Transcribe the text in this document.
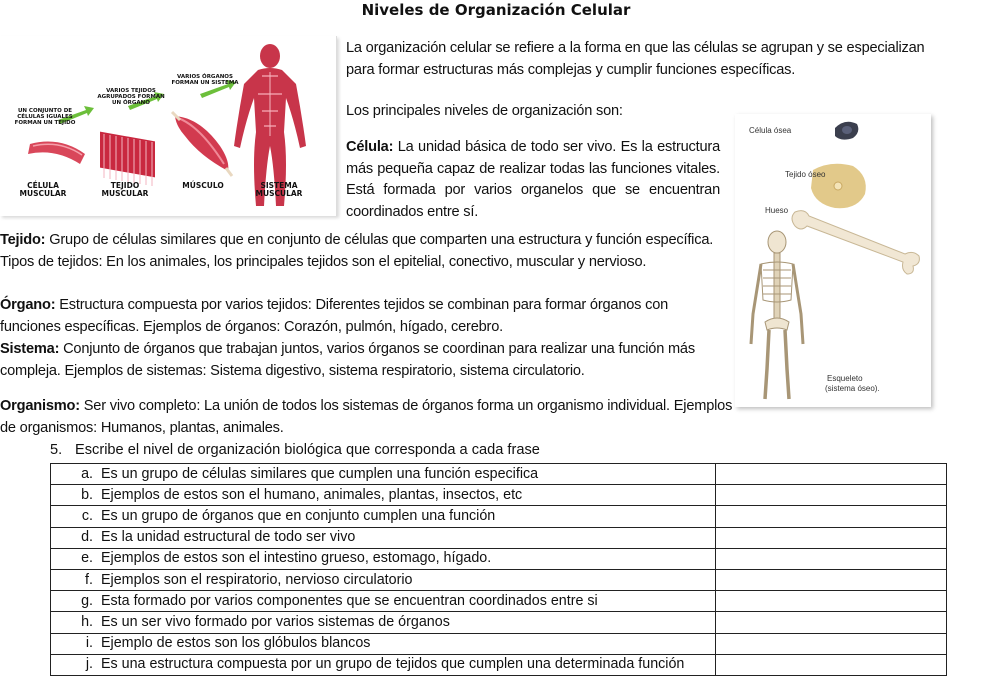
Niveles de Organización Celular
UN CONJUNTO DE CÉLULAS IGUALES FORMAN UN TEJIDO
VARIOS TEJIDOS AGRUPADOS FORMAN UN ÓRGANO
VARIOS ÓRGANOS FORMAN UN SISTEMA
CÉLULA MUSCULAR
TEJIDO MUSCULAR
MÚSCULO	SISTEMA MUSCULAR
La organización celular se refiere a la forma en que las células se agrupan y se especializan para formar estructuras más complejas y cumplir funciones específicas.
Los principales niveles de organización son:
Célula: La unidad básica de todo ser vivo. Es la estructura más pequeña capaz de realizar todas las funciones vitales. Está formada por varios organelos que se encuentran coordinados entre sí.
Tejido: Grupo de células similares que en conjunto de células que comparten una estructura y función específica. Tipos de tejidos: En los animales, los principales tejidos son el epitelial, conectivo, muscular y nervioso.
Órgano: Estructura compuesta por varios tejidos: Diferentes tejidos se combinan para formar órganos con funciones específicas. Ejemplos de órganos: Corazón, pulmón, hígado, cerebro.
Sistema: Conjunto de órganos que trabajan juntos, varios órganos se coordinan para realizar una función más compleja. Ejemplos de sistemas: Sistema digestivo, sistema respiratorio, sistema circulatorio.
Organismo: Ser vivo completo: La unión de todos los sistemas de órganos forma un organismo individual. Ejemplos de organismos: Humanos, plantas, animales.
Célula ósea
Tejido óseo
Hueso
Esqueleto
(sistema óseo).
5. Escribe el nivel de organización biológica que corresponda a cada frase
a. Es un grupo de células similares que cumplen una función especifica	
b. Ejemplos de estos son el humano, animales, plantas, insectos, etc	
c. Es un grupo de órganos que en conjunto cumplen una función	
d. Es la unidad estructural de todo ser vivo	
e. Ejemplos de estos son el intestino grueso, estomago, hígado.	
f. Ejemplos son el respiratorio, nervioso circulatorio	
g. Esta formado por varios componentes que se encuentran coordinados entre si	
h. Es un ser vivo formado por varios sistemas de órganos	
i. Ejemplo de estos son los glóbulos blancos	
j. Es una estructura compuesta por un grupo de tejidos que cumplen una determinada función	
